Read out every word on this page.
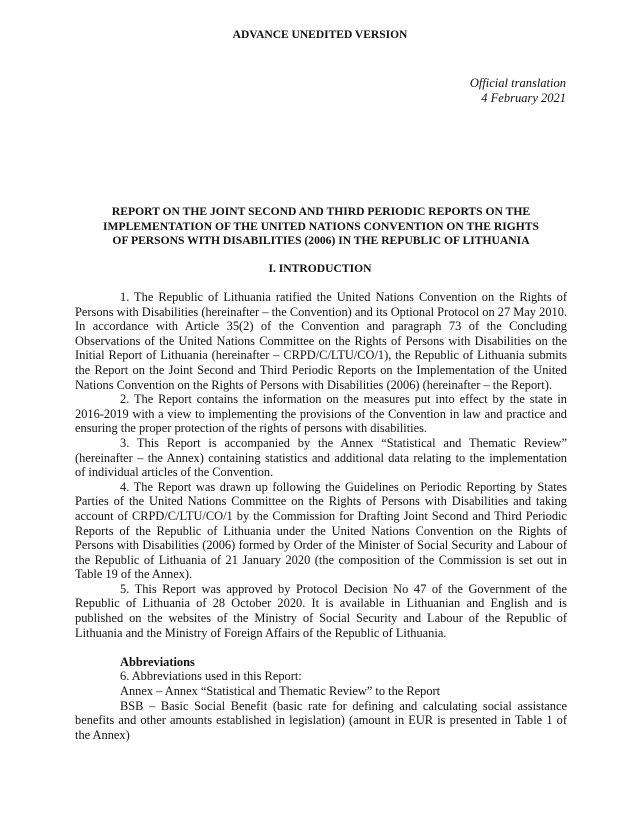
ADVANCE UNEDITED VERSION
Official translation
4 February 2021
REPORT ON THE JOINT SECOND AND THIRD PERIODIC REPORTS ON THE
IMPLEMENTATION OF THE UNITED NATIONS CONVENTION ON THE RIGHTS
OF PERSONS WITH DISABILITIES (2006) IN THE REPUBLIC OF LITHUANIA
I. INTRODUCTION
1. The Republic of Lithuania ratified the United Nations Convention on the Rights of
Persons with Disabilities (hereinafter – the Convention) and its Optional Protocol on 27 May 2010.
In accordance with Article 35(2) of the Convention and paragraph 73 of the Concluding
Observations of the United Nations Committee on the Rights of Persons with Disabilities on the
Initial Report of Lithuania (hereinafter – CRPD/C/LTU/CO/1), the Republic of Lithuania submits
the Report on the Joint Second and Third Periodic Reports on the Implementation of the United
Nations Convention on the Rights of Persons with Disabilities (2006) (hereinafter – the Report).
2. The Report contains the information on the measures put into effect by the state in
2016-2019 with a view to implementing the provisions of the Convention in law and practice and
ensuring the proper protection of the rights of persons with disabilities.
3. This Report is accompanied by the Annex “Statistical and Thematic Review”
(hereinafter – the Annex) containing statistics and additional data relating to the implementation
of individual articles of the Convention.
4. The Report was drawn up following the Guidelines on Periodic Reporting by States
Parties of the United Nations Committee on the Rights of Persons with Disabilities and taking
account of CRPD/C/LTU/CO/1 by the Commission for Drafting Joint Second and Third Periodic
Reports of the Republic of Lithuania under the United Nations Convention on the Rights of
Persons with Disabilities (2006) formed by Order of the Minister of Social Security and Labour of
the Republic of Lithuania of 21 January 2020 (the composition of the Commission is set out in
Table 19 of the Annex).
5. This Report was approved by Protocol Decision No 47 of the Government of the
Republic of Lithuania of 28 October 2020. It is available in Lithuanian and English and is
published on the websites of the Ministry of Social Security and Labour of the Republic of
Lithuania and the Ministry of Foreign Affairs of the Republic of Lithuania.
Abbreviations
6. Abbreviations used in this Report:
Annex – Annex “Statistical and Thematic Review” to the Report
BSB – Basic Social Benefit (basic rate for defining and calculating social assistance
benefits and other amounts established in legislation) (amount in EUR is presented in Table 1 of
the Annex)
